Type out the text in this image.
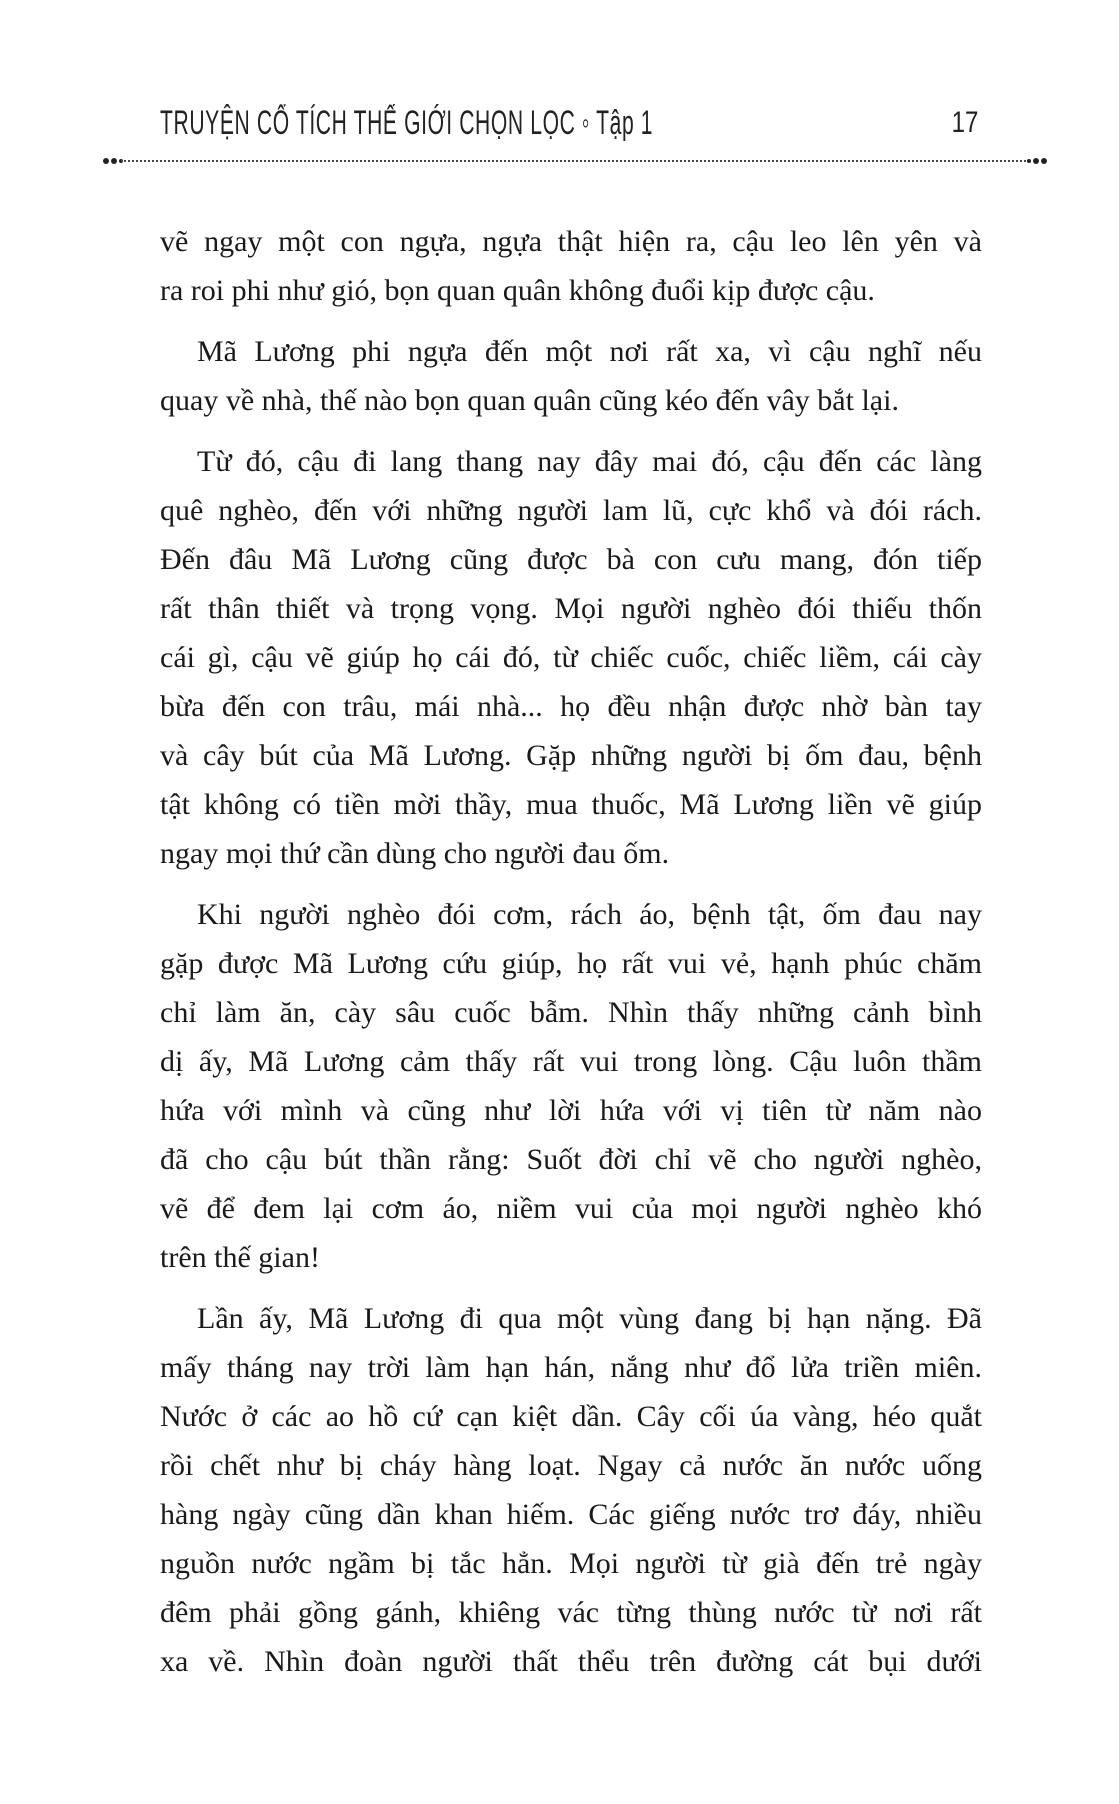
TRUYỆN CỔ TÍCH THẾ GIỚI CHỌN LỌC ◦ Tập 1	17
vẽ ngay một con ngựa, ngựa thật hiện ra, cậu leo lên yên và
ra roi phi như gió, bọn quan quân không đuổi kịp được cậu.
Mã Lương phi ngựa đến một nơi rất xa, vì cậu nghĩ nếu
quay về nhà, thế nào bọn quan quân cũng kéo đến vây bắt lại.
Từ đó, cậu đi lang thang nay đây mai đó, cậu đến các làng
quê nghèo, đến với những người lam lũ, cực khổ và đói rách.
Đến đâu Mã Lương cũng được bà con cưu mang, đón tiếp
rất thân thiết và trọng vọng. Mọi người nghèo đói thiếu thốn
cái gì, cậu vẽ giúp họ cái đó, từ chiếc cuốc, chiếc liềm, cái cày
bừa đến con trâu, mái nhà... họ đều nhận được nhờ bàn tay
và cây bút của Mã Lương. Gặp những người bị ốm đau, bệnh
tật không có tiền mời thầy, mua thuốc, Mã Lương liền vẽ giúp
ngay mọi thứ cần dùng cho người đau ốm.
Khi người nghèo đói cơm, rách áo, bệnh tật, ốm đau nay
gặp được Mã Lương cứu giúp, họ rất vui vẻ, hạnh phúc chăm
chỉ làm ăn, cày sâu cuốc bẫm. Nhìn thấy những cảnh bình
dị ấy, Mã Lương cảm thấy rất vui trong lòng. Cậu luôn thầm
hứa với mình và cũng như lời hứa với vị tiên từ năm nào
đã cho cậu bút thần rằng: Suốt đời chỉ vẽ cho người nghèo,
vẽ để đem lại cơm áo, niềm vui của mọi người nghèo khó
trên thế gian!
Lần ấy, Mã Lương đi qua một vùng đang bị hạn nặng. Đã
mấy tháng nay trời làm hạn hán, nắng như đổ lửa triền miên.
Nước ở các ao hồ cứ cạn kiệt dần. Cây cối úa vàng, héo quắt
rồi chết như bị cháy hàng loạt. Ngay cả nước ăn nước uống
hàng ngày cũng dần khan hiếm. Các giếng nước trơ đáy, nhiều
nguồn nước ngầm bị tắc hẳn. Mọi người từ già đến trẻ ngày
đêm phải gồng gánh, khiêng vác từng thùng nước từ nơi rất
xa về. Nhìn đoàn người thất thểu trên đường cát bụi dưới
